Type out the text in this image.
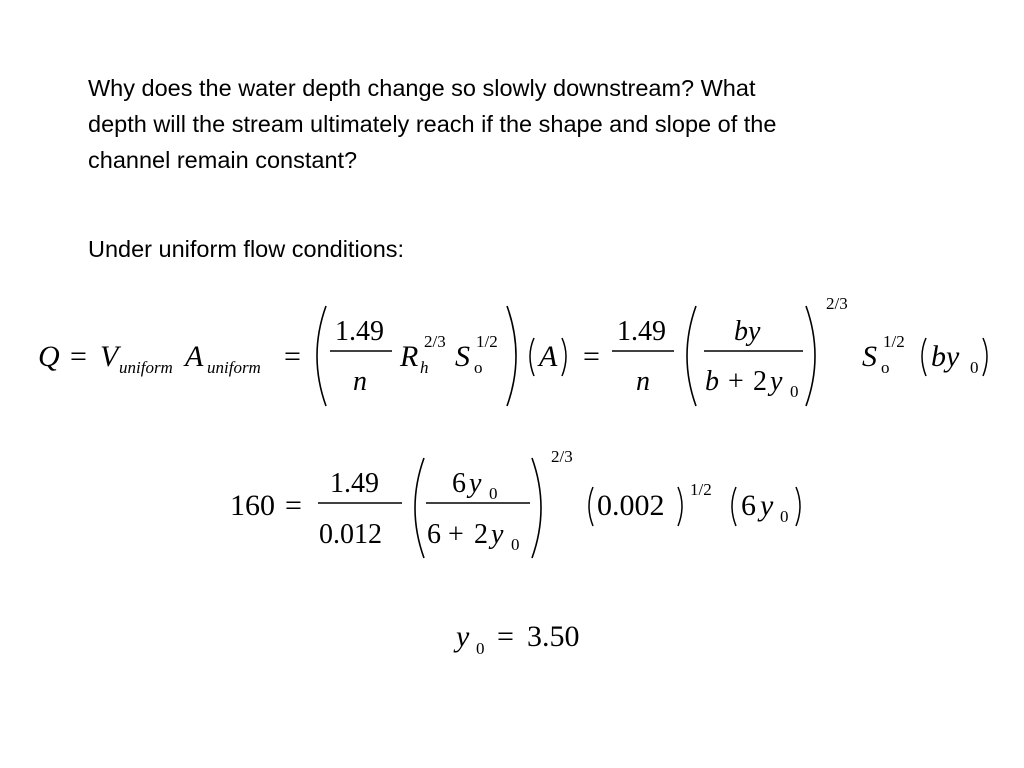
Why does the water depth change so slowly downstream? What
depth will the stream ultimately reach if the shape and slope of the
channel remain constant?
Under uniform flow conditions:
Q = V uniform A uniform =
1.49
n
R 2/3
h S 1/2
o A =
1.49
n
by
b + 2 y 0
2/3
S 1/2
o by 0
160 =
1.49
0.012
6 y 0
6 + 2 y 0
2/3
0.002 1/2 6 y 0
y 0 = 3.50
